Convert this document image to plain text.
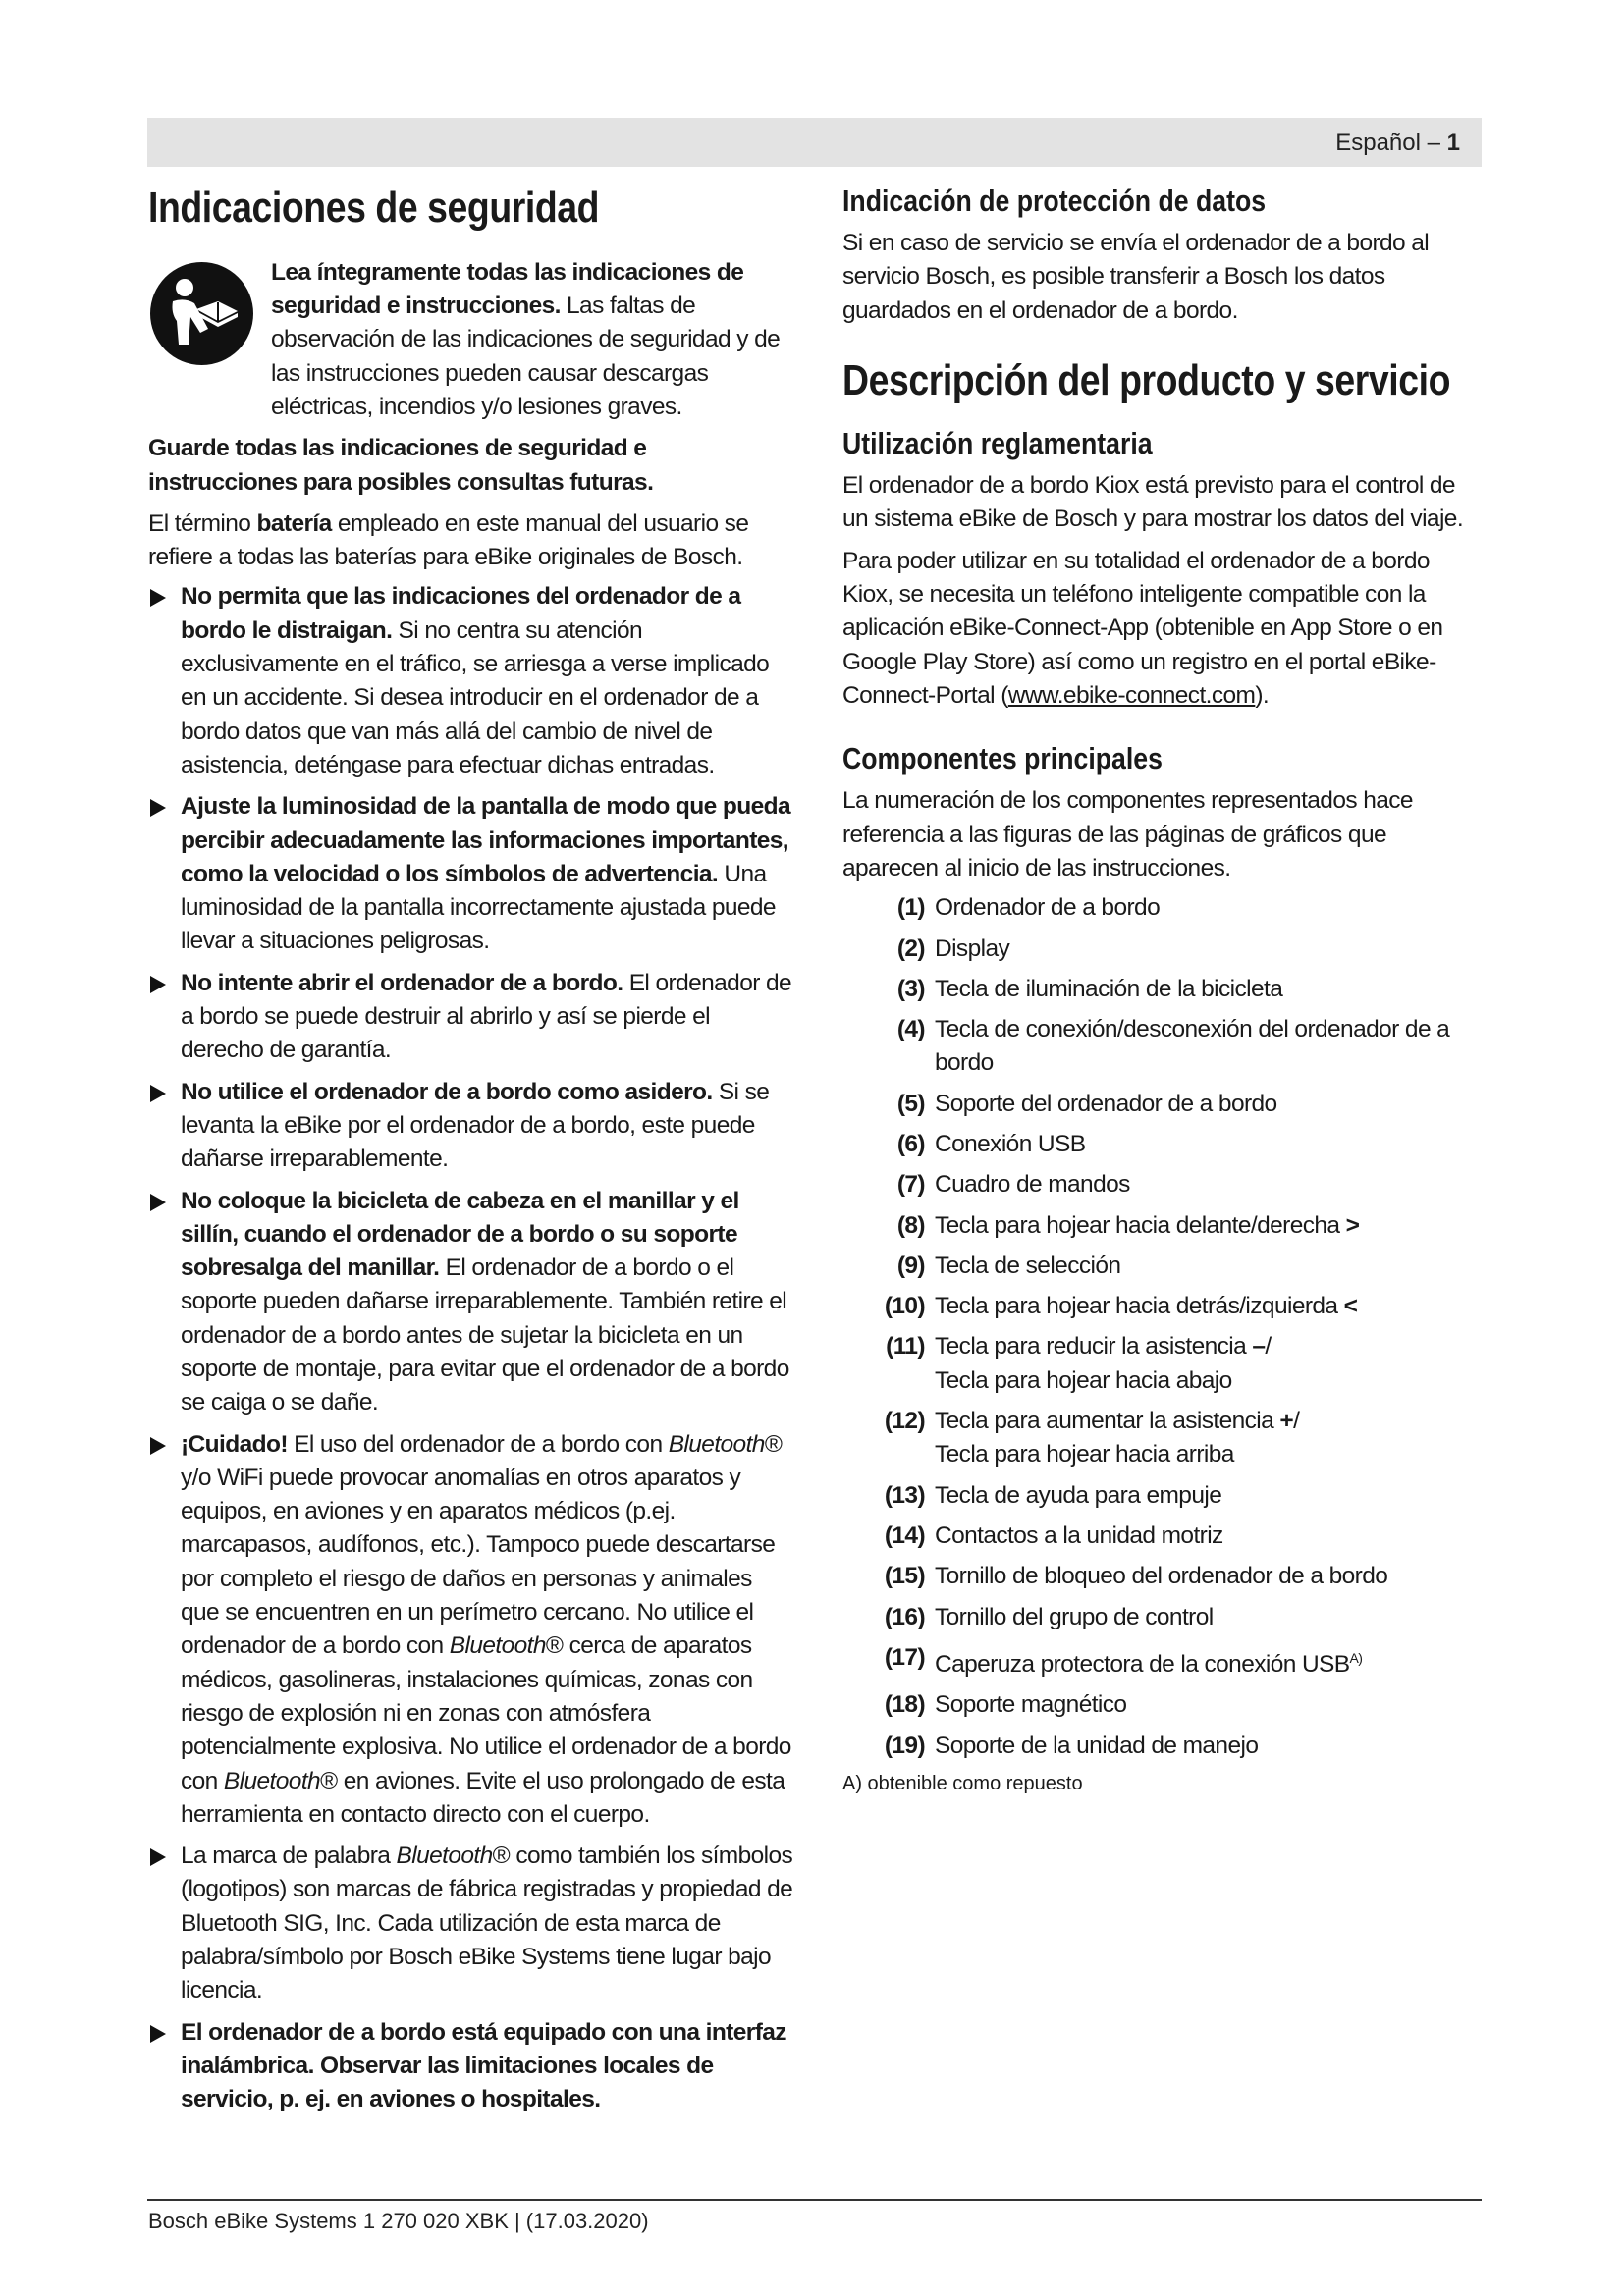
Español – 1
Indicaciones de seguridad

Lea íntegramente todas las indicaciones de seguridad e instrucciones. Las faltas de observación de las indicaciones de seguridad y de las instrucciones pueden causar descargas eléctricas, incendios y/o lesiones graves.

Guarde todas las indicaciones de seguridad e instrucciones para posibles consultas futuras.

El término batería empleado en este manual del usuario se refiere a todas las baterías para eBike originales de Bosch.

No permita que las indicaciones del ordenador de a bordo le distraigan. Si no centra su atención exclusivamente en el tráfico, se arriesga a verse implicado en un accidente. Si desea introducir en el ordenador de a bordo datos que van más allá del cambio de nivel de asistencia, deténgase para efectuar dichas entradas.
Ajuste la luminosidad de la pantalla de modo que pueda percibir adecuadamente las informaciones importantes, como la velocidad o los símbolos de advertencia. Una luminosidad de la pantalla incorrectamente ajustada puede llevar a situaciones peligrosas.
No intente abrir el ordenador de a bordo. El ordenador de a bordo se puede destruir al abrirlo y así se pierde el derecho de garantía.
No utilice el ordenador de a bordo como asidero. Si se levanta la eBike por el ordenador de a bordo, este puede dañarse irreparablemente.
No coloque la bicicleta de cabeza en el manillar y el sillín, cuando el ordenador de a bordo o su soporte sobresalga del manillar. El ordenador de a bordo o el soporte pueden dañarse irreparablemente. También retire el ordenador de a bordo antes de sujetar la bicicleta en un soporte de montaje, para evitar que el ordenador de a bordo se caiga o se dañe.
¡Cuidado! El uso del ordenador de a bordo con Bluetooth® y/o WiFi puede provocar anomalías en otros aparatos y equipos, en aviones y en aparatos médicos (p.ej. marcapasos, audífonos, etc.). Tampoco puede descartarse por completo el riesgo de daños en personas y animales que se encuentren en un perímetro cercano. No utilice el ordenador de a bordo con Bluetooth® cerca de aparatos médicos, gasolineras, instalaciones químicas, zonas con riesgo de explosión ni en zonas con atmósfera potencialmente explosiva. No utilice el ordenador de a bordo con Bluetooth® en aviones. Evite el uso prolongado de esta herramienta en contacto directo con el cuerpo.
La marca de palabra Bluetooth® como también los símbolos (logotipos) son marcas de fábrica registradas y propiedad de Bluetooth SIG, Inc. Cada utilización de esta marca de palabra/símbolo por Bosch eBike Systems tiene lugar bajo licencia.
El ordenador de a bordo está equipado con una interfaz inalámbrica. Observar las limitaciones locales de servicio, p. ej. en aviones o hospitales.
Indicación de protección de datos

Si en caso de servicio se envía el ordenador de a bordo al servicio Bosch, es posible transferir a Bosch los datos guardados en el ordenador de a bordo.

Descripción del producto y servicio
Utilización reglamentaria

El ordenador de a bordo Kiox está previsto para el control de un sistema eBike de Bosch y para mostrar los datos del viaje.

Para poder utilizar en su totalidad el ordenador de a bordo Kiox, se necesita un teléfono inteligente compatible con la aplicación eBike-Connect-App (obtenible en App Store o en Google Play Store) así como un registro en el portal eBike-Connect-Portal (www.ebike-connect.com).

Componentes principales

La numeración de los componentes representados hace referencia a las figuras de las páginas de gráficos que aparecen al inicio de las instrucciones.

(1) Ordenador de a bordo
(2) Display
(3) Tecla de iluminación de la bicicleta
(4) Tecla de conexión/desconexión del ordenador de a bordo
(5) Soporte del ordenador de a bordo
(6) Conexión USB
(7) Cuadro de mandos
(8) Tecla para hojear hacia delante/derecha >
(9) Tecla de selección
(10) Tecla para hojear hacia detrás/izquierda <
(11) Tecla para reducir la asistencia –/
Tecla para hojear hacia abajo
(12) Tecla para aumentar la asistencia +/
Tecla para hojear hacia arriba
(13) Tecla de ayuda para empuje
(14) Contactos a la unidad motriz
(15) Tornillo de bloqueo del ordenador de a bordo
(16) Tornillo del grupo de control
(17) Caperuza protectora de la conexión $USB^{A)}$
(18) Soporte magnético
(19) Soporte de la unidad de manejo
A) obtenible como repuesto
Bosch eBike Systems 1 270 020 XBK | (17.03.2020)
